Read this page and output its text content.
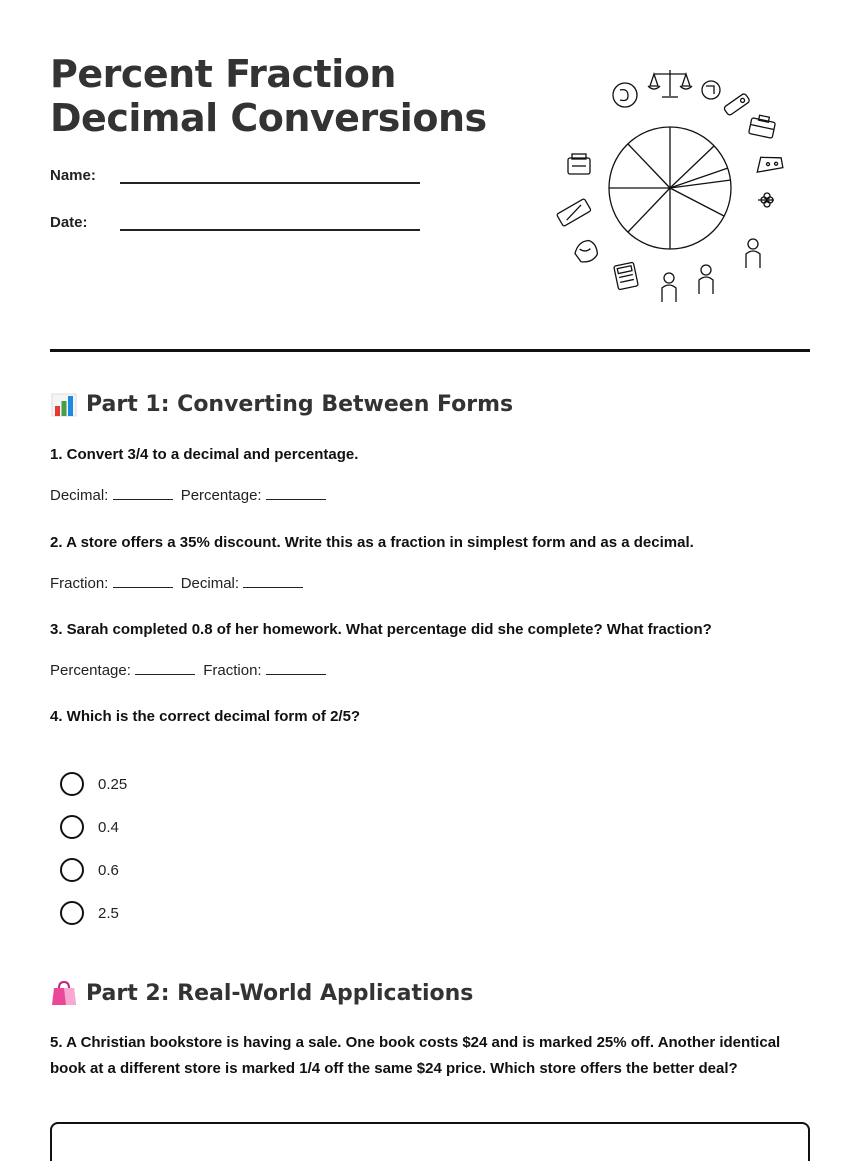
Percent Fraction
Decimal Conversions
Name:
Date:
Part 1: Converting Between Forms
1. Convert 3/4 to a decimal and percentage.
Decimal:	Percentage:
2. A store offers a 35% discount. Write this as a fraction in simplest form and as a decimal.
Fraction:	Decimal:
3. Sarah completed 0.8 of her homework. What percentage did she complete? What fraction?
Percentage:	Fraction:
4. Which is the correct decimal form of 2/5?
0.25
0.4
0.6
2.5
Part 2: Real-World Applications
5. A Christian bookstore is having a sale. One book costs $24 and is marked 25% off. Another identical book at a different store is marked 1/4 off the same $24 price. Which store offers the better deal?
